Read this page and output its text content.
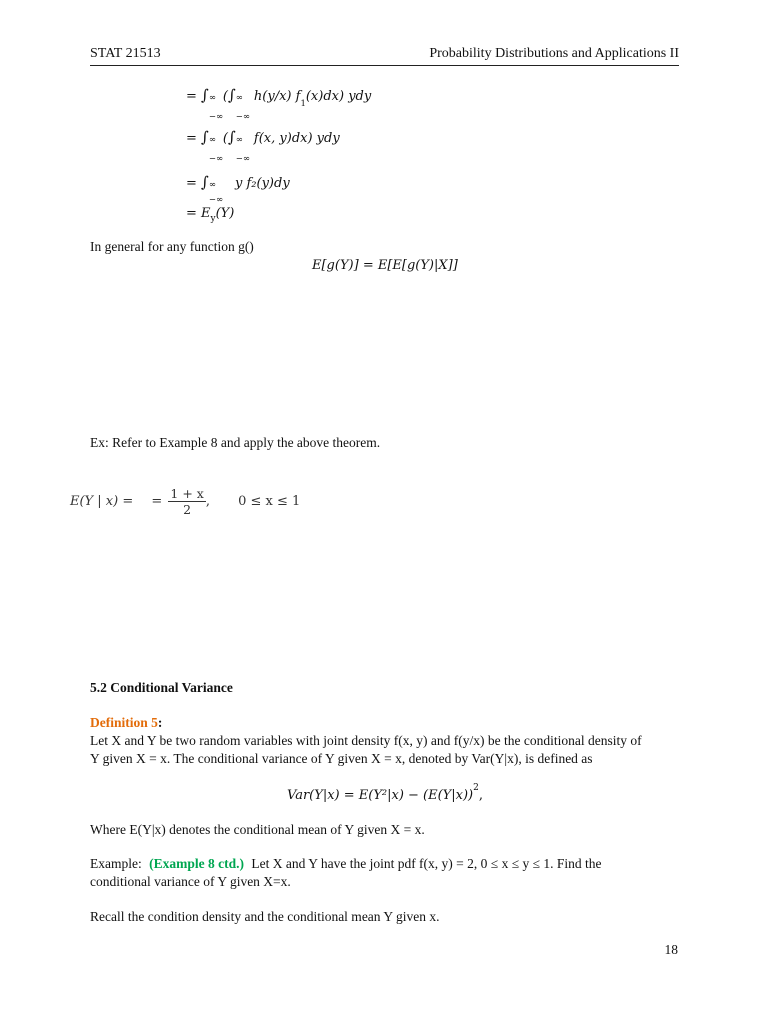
STAT 21513	Probability Distributions and Applications II
= ∫ ∞
−∞
(∫ ∞
−∞
h(y/x) $f_1(x)dx$) ydy
= ∫ ∞
−∞
(∫ ∞
−∞
f(x, y)dx) ydy
= ∫ ∞
−∞
y f₂(y)dy
= $E_y(Y)$
In general for any function g()
E[g(Y)] = E[E[g(Y)|X]]
Ex: Refer to Example 8 and apply the above theorem.
E(Y | x) = = $\frac{1 + x}{2}$ , 0 ≤ x ≤ 1
5.2 Conditional Variance
Definition 5:
Let X and Y be two random variables with joint density f(x, y) and f(y/x) be the conditional density of
Y given X = x. The conditional variance of Y given X = x, denoted by Var(Y|x), is defined as
$Var(Y|x) = E(Y^2|x) - (E(Y|x))^2$,
Where E(Y|x) denotes the conditional mean of Y given X = x.
Example: (Example 8 ctd.) Let X and Y have the joint pdf f(x, y) = 2, 0 ≤ x ≤ y ≤ 1. Find the
conditional variance of Y given X=x.
Recall the condition density and the conditional mean Y given x.
18
